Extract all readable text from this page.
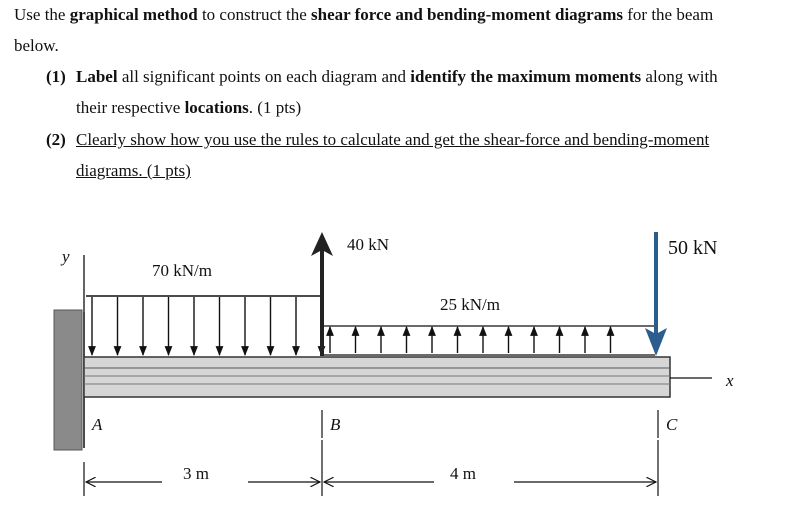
Use the graphical method to construct the shear force and bending-moment diagrams for the beam
below.
(1) Label all significant points on each diagram and identify the maximum moments along with
their respective locations. (1 pts)
(2) Clearly show how you use the rules to calculate and get the shear-force and bending-moment
diagrams. (1 pts)
y
x
70 kN/m
25 kN/m
40 kN	50 kN
A	B	C
3 m	4 m
